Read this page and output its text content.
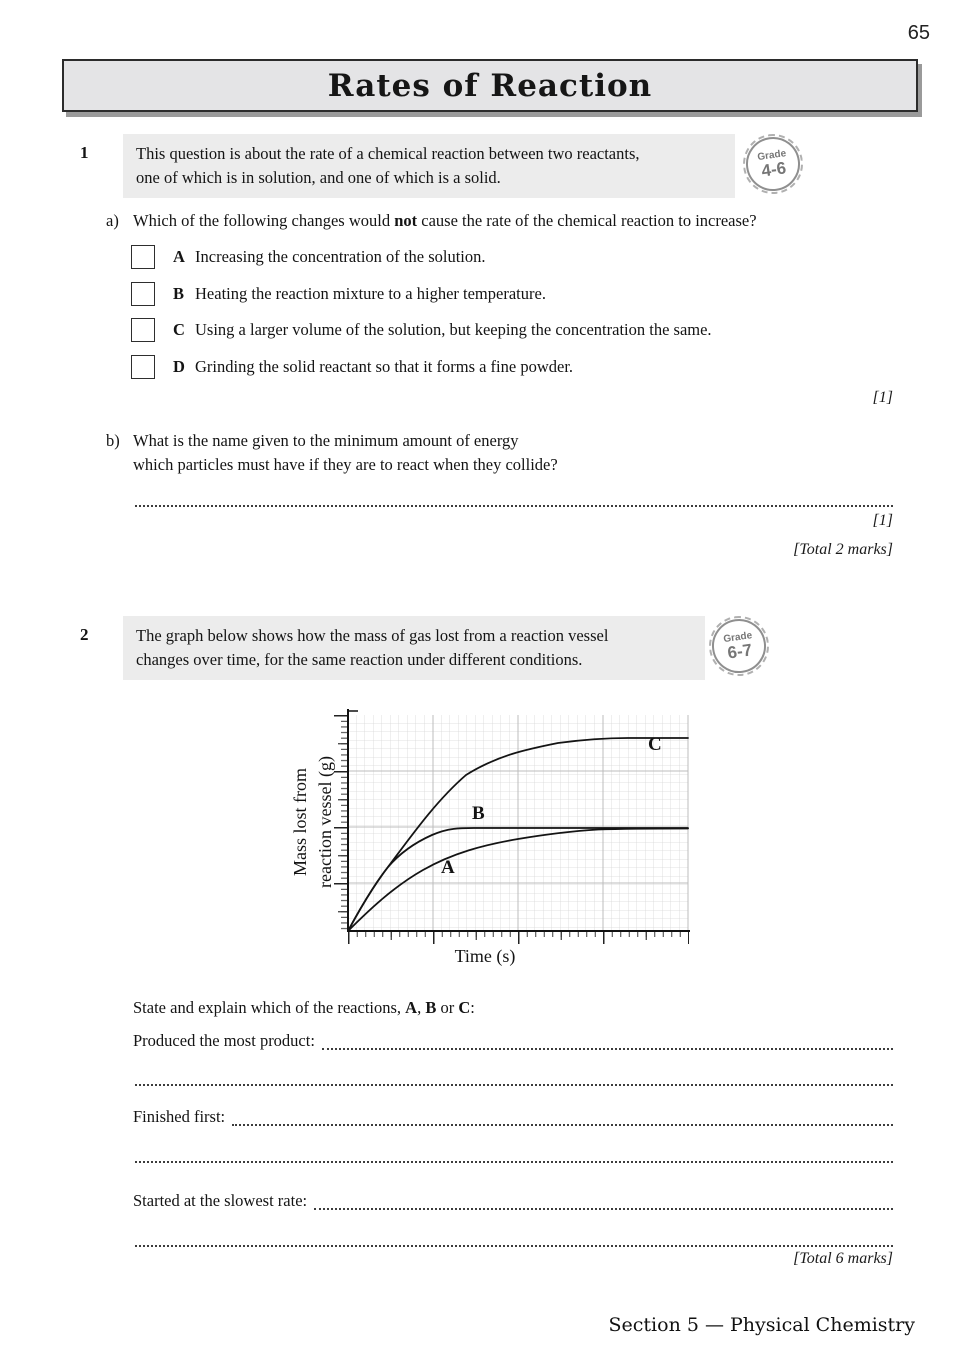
65
Rates of Reaction
1	This question is about the rate of a chemical reaction between two reactants,
one of which is in solution, and one of which is a solid.
Grade
4-6
a) Which of the following changes would not cause the rate of the chemical reaction to increase?
A Increasing the concentration of the solution.
B Heating the reaction mixture to a higher temperature.
C Using a larger volume of the solution, but keeping the concentration the same.
D Grinding the solid reactant so that it forms a fine powder.
[1]
b) What is the name given to the minimum amount of energy
which particles must have if they are to react when they collide?
[1]
[Total 2 marks]
2	The graph below shows how the mass of gas lost from a reaction vessel
changes over time, for the same reaction under different conditions.
Grade
6-7
A
B
C
Mass lost from reaction vessel (g)
Time (s)
State and explain which of the reactions, A, B or C:
Produced the most product:
Finished first:
Started at the slowest rate:
[Total 6 marks]
Section 5 — Physical Chemistry
